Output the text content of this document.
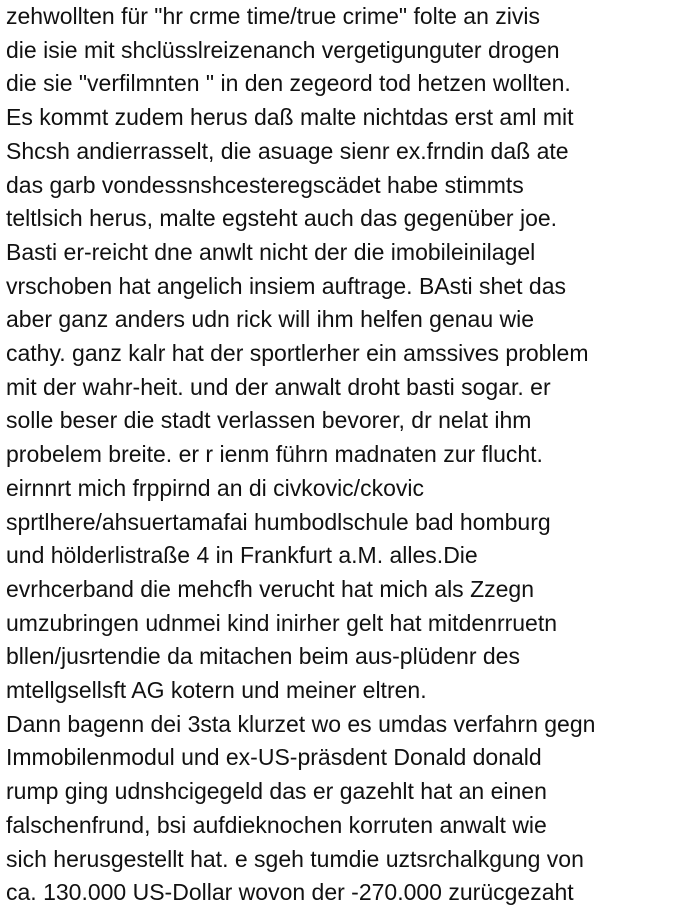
zehwollten für "hr crme time/true crime" folte an zivis
die isie mit shclüsslreizenanch vergetigunguter drogen
die sie "verfilmnten " in den zegeord tod hetzen wollten.
Es kommt zudem herus daß malte nichtdas erst aml mit
Shcsh andierrasselt, die asuage sienr ex.frndin daß ate
das garb vondessnshcesteregscädet habe stimmts
teltlsich herus, malte egsteht auch das gegenüber joe.
Basti er-reicht dne anwlt nicht der die imobileinilagel
vrschoben hat angelich insiem auftrage. BAsti shet das
aber ganz anders udn rick will ihm helfen genau wie
cathy. ganz kalr hat der sportlerher ein amssives problem
mit der wahr-heit. und der anwalt droht basti sogar. er
solle beser die stadt verlassen bevorer, dr nelat ihm
probelem breite. er r ienm führn madnaten zur flucht.
eirnnrt mich frppirnd an di civkovic/ckovic
sprtlhere/ahsuertamafai humbodlschule bad homburg
und hölderlistraße 4 in Frankfurt a.M. alles.Die
evrhcerband die mehcfh verucht hat mich als Zzegn
umzubringen udnmei kind inirher gelt hat mitdenrruetn
bllen/jusrtendie da mitachen beim aus-plüdenr des
mtellgsellsft AG kotern und meiner eltren.
Dann bagenn dei 3sta klurzet wo es umdas verfahrn gegn
Immobilenmodul und ex-US-präsdent Donald donald
rump ging udnshcigegeld das er gazehlt hat an einen
falschenfrund, bsi aufdieknochen korruten anwalt wie
sich herusgestellt hat. e sgeh tumdie uztsrchalkgung von
ca. 130.000 US-Dollar wovon der -270.000 zurücgezaht
